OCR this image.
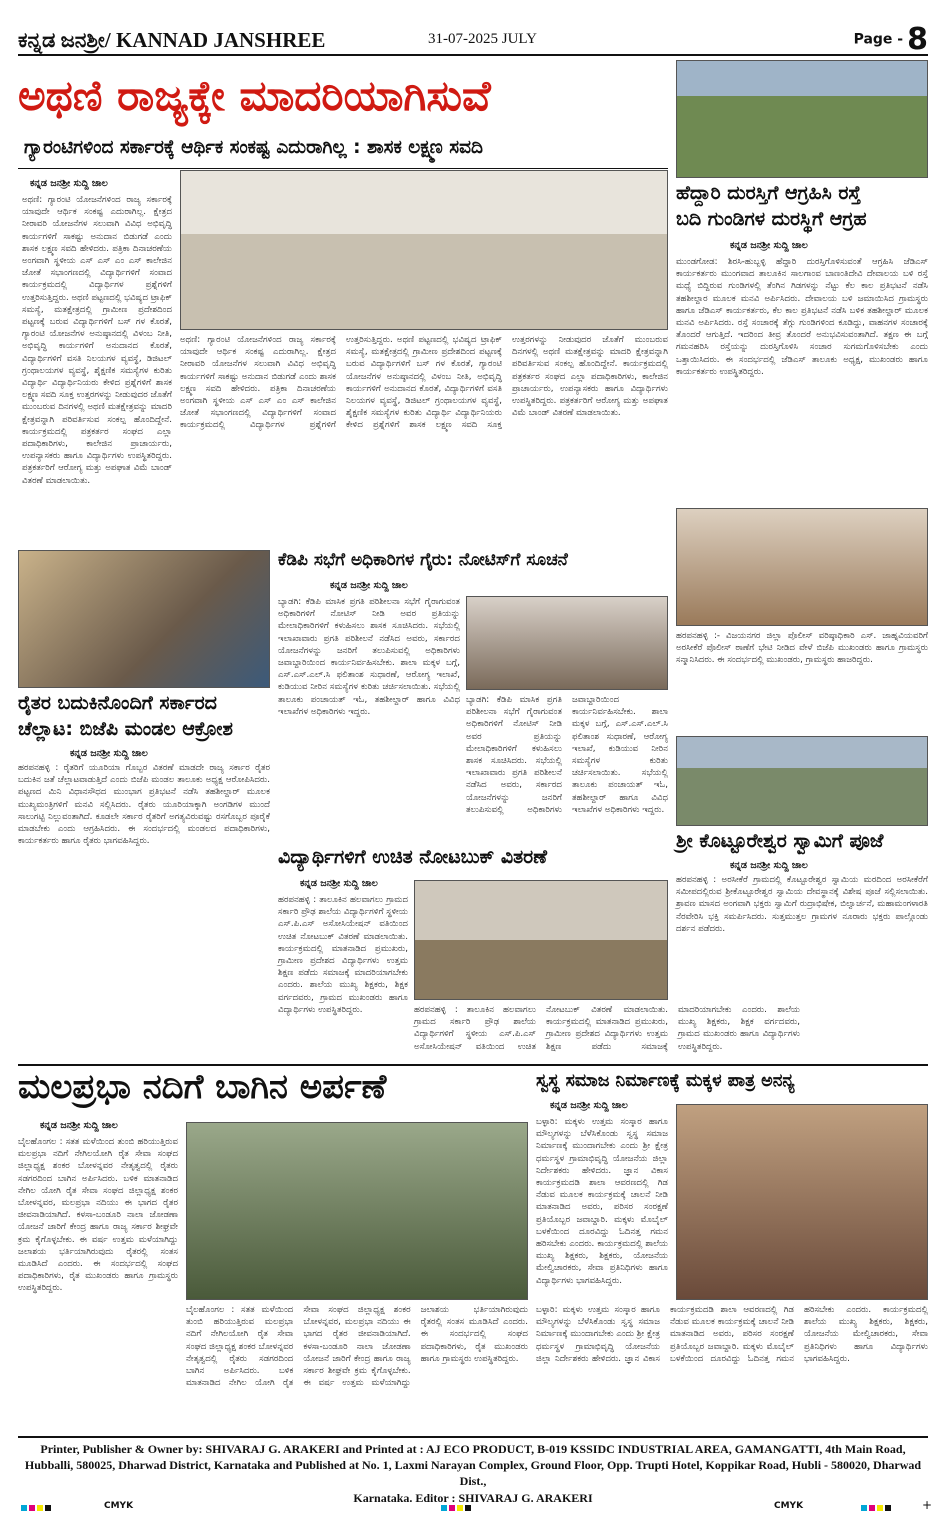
ಕನ್ನಡ ಜನಶ್ರೀ/ KANNAD JANSHREE	31-07-2025 JULY	Page - 8
ಅಥಣಿ ರಾಜ್ಯಕ್ಕೇ ಮಾದರಿಯಾಗಿಸುವೆ
ಗ್ಯಾರಂಟಿಗಳಿಂದ ಸರ್ಕಾರಕ್ಕೆ ಆರ್ಥಿಕ ಸಂಕಷ್ಟ ಎದುರಾಗಿಲ್ಲ : ಶಾಸಕ ಲಕ್ಷ್ಮಣ ಸವದಿ
ಕನ್ನಡ ಜನಶ್ರೀ ಸುದ್ದಿ ಜಾಲ
ಅಥಣಿ: ಗ್ಯಾರಂಟಿ ಯೋಜನೆಗಳಿಂದ ರಾಜ್ಯ ಸರ್ಕಾರಕ್ಕೆ ಯಾವುದೇ ಆರ್ಥಿಕ ಸಂಕಷ್ಟ ಎದುರಾಗಿಲ್ಲ. ಕ್ಷೇತ್ರದ ನೀರಾವರಿ ಯೋಜನೆಗಳ ಸಲುವಾಗಿ ವಿವಿಧ ಅಭಿವೃದ್ಧಿ ಕಾರ್ಯಗಳಿಗೆ ಸಾಕಷ್ಟು ಅನುದಾನ ಬಿಡುಗಡೆ ಎಂದು ಶಾಸಕ ಲಕ್ಷ್ಮಣ ಸವದಿ ಹೇಳಿದರು. ಪತ್ರಿಕಾ ದಿನಾಚರಣೆಯ ಅಂಗವಾಗಿ ಸ್ಥಳೀಯ ಎಸ್ ಎಸ್ ಎಂ ಎಸ್ ಕಾಲೇಜಿನ ಜೋತೆ ಸಭಾಂಗಣದಲ್ಲಿ ವಿದ್ಯಾರ್ಥಿಗಳಿಗೆ ಸಂವಾದ ಕಾರ್ಯಕ್ರಮದಲ್ಲಿ ವಿದ್ಯಾರ್ಥಿಗಳ ಪ್ರಶ್ನೆಗಳಿಗೆ ಉತ್ತರಿಸುತ್ತಿದ್ದರು. ಅಥಣಿ ಪಟ್ಟಣದಲ್ಲಿ ಭವಿಷ್ಯದ ಟ್ರಾಫಿಕ್ ಸಮಸ್ಯೆ, ಮತಕ್ಷೇತ್ರದಲ್ಲಿ ಗ್ರಾಮೀಣ ಪ್ರದೇಶದಿಂದ ಪಟ್ಟಣಕ್ಕೆ ಬರುವ ವಿದ್ಯಾರ್ಥಿಗಳಿಗೆ ಬಸ್ ಗಳ ಕೊರತೆ, ಗ್ಯಾರಂಟಿ ಯೋಜನೆಗಳ ಅನುಷ್ಠಾನದಲ್ಲಿ ವಿಳಂಬ ನೀತಿ, ಅಭಿವೃದ್ಧಿ ಕಾರ್ಯಗಳಿಗೆ ಅನುದಾನದ ಕೊರತೆ, ವಿದ್ಯಾರ್ಥಿಗಳಿಗೆ ವಸತಿ ನಿಲಯಗಳ ವ್ಯವಸ್ಥೆ, ಡಿಜಿಟಲ್ ಗ್ರಂಥಾಲಯಗಳ ವ್ಯವಸ್ಥೆ, ಶೈಕ್ಷಣಿಕ ಸಮಸ್ಯೆಗಳ ಕುರಿತು ವಿದ್ಯಾರ್ಥಿ ವಿದ್ಯಾರ್ಥಿನಿಯರು ಕೇಳಿದ ಪ್ರಶ್ನೆಗಳಿಗೆ ಶಾಸಕ ಲಕ್ಷ್ಮಣ ಸವದಿ ಸೂಕ್ತ ಉತ್ತರಗಳನ್ನು ನೀಡುವುದರ ಜೊತೆಗೆ ಮುಂಬರುವ ದಿನಗಳಲ್ಲಿ ಅಥಣಿ ಮತಕ್ಷೇತ್ರವನ್ನು ಮಾದರಿ ಕ್ಷೇತ್ರವನ್ನಾಗಿ ಪರಿವರ್ತಿಸುವ ಸಂಕಲ್ಪ ಹೊಂದಿದ್ದೇನೆ. ಕಾರ್ಯಕ್ರಮದಲ್ಲಿ ಪತ್ರಕರ್ತರ ಸಂಘದ ಎಲ್ಲಾ ಪದಾಧಿಕಾರಿಗಳು, ಕಾಲೇಜಿನ ಪ್ರಾಚಾರ್ಯರು, ಉಪನ್ಯಾಸಕರು ಹಾಗೂ ವಿದ್ಯಾರ್ಥಿಗಳು ಉಪಸ್ಥಿತರಿದ್ದರು. ಪತ್ರಕರ್ತರಿಗೆ ಆರೋಗ್ಯ ಮತ್ತು ಅಪಘಾತ ವಿಮೆ ಬಾಂಡ್ ವಿತರಣೆ ಮಾಡಲಾಯಿತು.
ಅಥಣಿ: ಗ್ಯಾರಂಟಿ ಯೋಜನೆಗಳಿಂದ ರಾಜ್ಯ ಸರ್ಕಾರಕ್ಕೆ ಯಾವುದೇ ಆರ್ಥಿಕ ಸಂಕಷ್ಟ ಎದುರಾಗಿಲ್ಲ. ಕ್ಷೇತ್ರದ ನೀರಾವರಿ ಯೋಜನೆಗಳ ಸಲುವಾಗಿ ವಿವಿಧ ಅಭಿವೃದ್ಧಿ ಕಾರ್ಯಗಳಿಗೆ ಸಾಕಷ್ಟು ಅನುದಾನ ಬಿಡುಗಡೆ ಎಂದು ಶಾಸಕ ಲಕ್ಷ್ಮಣ ಸವದಿ ಹೇಳಿದರು. ಪತ್ರಿಕಾ ದಿನಾಚರಣೆಯ ಅಂಗವಾಗಿ ಸ್ಥಳೀಯ ಎಸ್ ಎಸ್ ಎಂ ಎಸ್ ಕಾಲೇಜಿನ ಜೋತೆ ಸಭಾಂಗಣದಲ್ಲಿ ವಿದ್ಯಾರ್ಥಿಗಳಿಗೆ ಸಂವಾದ ಕಾರ್ಯಕ್ರಮದಲ್ಲಿ ವಿದ್ಯಾರ್ಥಿಗಳ ಪ್ರಶ್ನೆಗಳಿಗೆ ಉತ್ತರಿಸುತ್ತಿದ್ದರು. ಅಥಣಿ ಪಟ್ಟಣದಲ್ಲಿ ಭವಿಷ್ಯದ ಟ್ರಾಫಿಕ್ ಸಮಸ್ಯೆ, ಮತಕ್ಷೇತ್ರದಲ್ಲಿ ಗ್ರಾಮೀಣ ಪ್ರದೇಶದಿಂದ ಪಟ್ಟಣಕ್ಕೆ ಬರುವ ವಿದ್ಯಾರ್ಥಿಗಳಿಗೆ ಬಸ್ ಗಳ ಕೊರತೆ, ಗ್ಯಾರಂಟಿ ಯೋಜನೆಗಳ ಅನುಷ್ಠಾನದಲ್ಲಿ ವಿಳಂಬ ನೀತಿ, ಅಭಿವೃದ್ಧಿ ಕಾರ್ಯಗಳಿಗೆ ಅನುದಾನದ ಕೊರತೆ, ವಿದ್ಯಾರ್ಥಿಗಳಿಗೆ ವಸತಿ ನಿಲಯಗಳ ವ್ಯವಸ್ಥೆ, ಡಿಜಿಟಲ್ ಗ್ರಂಥಾಲಯಗಳ ವ್ಯವಸ್ಥೆ, ಶೈಕ್ಷಣಿಕ ಸಮಸ್ಯೆಗಳ ಕುರಿತು ವಿದ್ಯಾರ್ಥಿ ವಿದ್ಯಾರ್ಥಿನಿಯರು ಕೇಳಿದ ಪ್ರಶ್ನೆಗಳಿಗೆ ಶಾಸಕ ಲಕ್ಷ್ಮಣ ಸವದಿ ಸೂಕ್ತ ಉತ್ತರಗಳನ್ನು ನೀಡುವುದರ ಜೊತೆಗೆ ಮುಂಬರುವ ದಿನಗಳಲ್ಲಿ ಅಥಣಿ ಮತಕ್ಷೇತ್ರವನ್ನು ಮಾದರಿ ಕ್ಷೇತ್ರವನ್ನಾಗಿ ಪರಿವರ್ತಿಸುವ ಸಂಕಲ್ಪ ಹೊಂದಿದ್ದೇನೆ. ಕಾರ್ಯಕ್ರಮದಲ್ಲಿ ಪತ್ರಕರ್ತರ ಸಂಘದ ಎಲ್ಲಾ ಪದಾಧಿಕಾರಿಗಳು, ಕಾಲೇಜಿನ ಪ್ರಾಚಾರ್ಯರು, ಉಪನ್ಯಾಸಕರು ಹಾಗೂ ವಿದ್ಯಾರ್ಥಿಗಳು ಉಪಸ್ಥಿತರಿದ್ದರು. ಪತ್ರಕರ್ತರಿಗೆ ಆರೋಗ್ಯ ಮತ್ತು ಅಪಘಾತ ವಿಮೆ ಬಾಂಡ್ ವಿತರಣೆ ಮಾಡಲಾಯಿತು.
ಹೆದ್ದಾರಿ ದುರಸ್ತಿಗೆ ಆಗ್ರಹಿಸಿ ರಸ್ತೆ
ಬದಿ ಗುಂಡಿಗಳ ದುರಸ್ಥಿಗೆ ಆಗ್ರಹ
ಕನ್ನಡ ಜನಶ್ರೀ ಸುದ್ದಿ ಜಾಲ
ಮುಂಡಗೋಡ: ಶಿರಸಿ-ಹುಬ್ಬಳ್ಳಿ ಹೆದ್ದಾರಿ ದುರಸ್ತಿಗೊಳಿಸುವಂತೆ ಆಗ್ರಹಿಸಿ ಜೆಡಿಎಸ್ ಕಾರ್ಯಕರ್ತರು ಮುಂಗವಾದ ತಾಲೂಕಿನ ಸಾಲಗಾಂವ ಬಾಣಂತಿದೇವಿ ದೇವಾಲಯ ಬಳಿ ರಸ್ತೆ ಮಧ್ಯೆ ಬಿದ್ದಿರುವ ಗುಂಡಿಗಳಲ್ಲಿ ತೆಂಗಿನ ಗಿಡಗಳನ್ನು ನೆಟ್ಟು ಕೆಲ ಕಾಲ ಪ್ರತಿಭಟನೆ ನಡೆಸಿ ತಹಶೀಲ್ದಾರ ಮೂಲಕ ಮನವಿ ಅರ್ಪಿಸಿದರು. ದೇವಾಲಯ ಬಳಿ ಜಮಾಯಿಸಿದ ಗ್ರಾಮಸ್ಥರು ಹಾಗೂ ಜೆಡಿಎಸ್ ಕಾರ್ಯಕರ್ತರು, ಕೆಲ ಕಾಲ ಪ್ರತಿಭಟನೆ ನಡೆಸಿ ಬಳಿಕ ತಹಶೀಲ್ದಾರ್ ಮೂಲಕ ಮನವಿ ಅರ್ಪಿಸಿದರು. ರಸ್ತೆ ಸಂಚಾರಕ್ಕೆ ತೆಗ್ಗು ಗುಂಡಿಗಳಿಂದ ಕೂಡಿದ್ದು, ವಾಹನಗಳ ಸಂಚಾರಕ್ಕೆ ತೊಂದರೆ ಆಗುತ್ತಿದೆ. ಇದರಿಂದ ತೀವ್ರ ತೊಂದರೆ ಅನುಭವಿಸುವಂತಾಗಿದೆ. ತಕ್ಷಣ ಈ ಬಗ್ಗೆ ಗಮನಹರಿಸಿ ರಸ್ತೆಯನ್ನು ದುರಸ್ತಿಗೊಳಿಸಿ ಸಂಚಾರ ಸುಗಮಗೊಳಿಸಬೇಕು ಎಂದು ಒತ್ತಾಯಿಸಿದರು. ಈ ಸಂದರ್ಭದಲ್ಲಿ ಜೆಡಿಎಸ್ ತಾಲೂಕು ಅಧ್ಯಕ್ಷ, ಮುಖಂಡರು ಹಾಗೂ ಕಾರ್ಯಕರ್ತರು ಉಪಸ್ಥಿತರಿದ್ದರು.
ರೈತರ ಬದುಕಿನೊಂದಿಗೆ ಸರ್ಕಾರದ
ಚೆಲ್ಲಾಟ: ಬಿಜೆಪಿ ಮಂಡಲ ಆಕ್ರೋಶ
ಕನ್ನಡ ಜನಶ್ರೀ ಸುದ್ದಿ ಜಾಲ
ಹರಪನಹಳ್ಳಿ : ರೈತರಿಗೆ ಯೂರಿಯಾ ಗೊಬ್ಬರ ವಿತರಣೆ ಮಾಡದೇ ರಾಜ್ಯ ಸರ್ಕಾರ ರೈತರ ಬದುಕಿನ ಜತೆ ಚೆಲ್ಲಾಟವಾಡುತ್ತಿದೆ ಎಂದು ಬಿಜೆಪಿ ಮಂಡಲ ತಾಲೂಕು ಅಧ್ಯಕ್ಷ ಆರೋಪಿಸಿದರು. ಪಟ್ಟಣದ ಮಿನಿ ವಿಧಾನಸೌಧದ ಮುಂಭಾಗ ಪ್ರತಿಭಟನೆ ನಡೆಸಿ ತಹಶೀಲ್ದಾರ್ ಮೂಲಕ ಮುಖ್ಯಮಂತ್ರಿಗಳಿಗೆ ಮನವಿ ಸಲ್ಲಿಸಿದರು. ರೈತರು ಯೂರಿಯಾಕ್ಕಾಗಿ ಅಂಗಡಿಗಳ ಮುಂದೆ ಸಾಲುಗಟ್ಟಿ ನಿಲ್ಲುವಂತಾಗಿದೆ. ಕೂಡಲೇ ಸರ್ಕಾರ ರೈತರಿಗೆ ಅಗತ್ಯವಿರುವಷ್ಟು ರಸಗೊಬ್ಬರ ಪೂರೈಕೆ ಮಾಡಬೇಕು ಎಂದು ಆಗ್ರಹಿಸಿದರು. ಈ ಸಂದರ್ಭದಲ್ಲಿ ಮಂಡಲದ ಪದಾಧಿಕಾರಿಗಳು, ಕಾರ್ಯಕರ್ತರು ಹಾಗೂ ರೈತರು ಭಾಗವಹಿಸಿದ್ದರು.
ಕೆಡಿಪಿ ಸಭೆಗೆ ಅಧಿಕಾರಿಗಳ ಗೈರು: ನೋಟಿಸ್‌ಗೆ ಸೂಚನೆ
ಕನ್ನಡ ಜನಶ್ರೀ ಸುದ್ದಿ ಜಾಲ
ಬ್ಯಾಡಗಿ: ಕೆಡಿಪಿ ಮಾಸಿಕ ಪ್ರಗತಿ ಪರಿಶೀಲನಾ ಸಭೆಗೆ ಗೈರಾಗುವಂತ ಅಧಿಕಾರಿಗಳಿಗೆ ನೋಟಿಸ್ ನೀಡಿ ಅವರ ಪ್ರತಿಯನ್ನು ಮೇಲಾಧಿಕಾರಿಗಳಿಗೆ ಕಳುಹಿಸಲು ಶಾಸಕ ಸೂಚಿಸಿದರು. ಸಭೆಯಲ್ಲಿ ಇಲಾಖಾವಾರು ಪ್ರಗತಿ ಪರಿಶೀಲನೆ ನಡೆಸಿದ ಅವರು, ಸರ್ಕಾರದ ಯೋಜನೆಗಳನ್ನು ಜನರಿಗೆ ತಲುಪಿಸುವಲ್ಲಿ ಅಧಿಕಾರಿಗಳು ಜವಾಬ್ದಾರಿಯಿಂದ ಕಾರ್ಯನಿರ್ವಹಿಸಬೇಕು. ಶಾಲಾ ಮಕ್ಕಳ ಬಗ್ಗೆ, ಎಸ್.ಎಸ್.ಎಲ್.ಸಿ ಫಲಿತಾಂಶ ಸುಧಾರಣೆ, ಆರೋಗ್ಯ ಇಲಾಖೆ, ಕುಡಿಯುವ ನೀರಿನ ಸಮಸ್ಯೆಗಳ ಕುರಿತು ಚರ್ಚಿಸಲಾಯಿತು. ಸಭೆಯಲ್ಲಿ ತಾಲೂಕು ಪಂಚಾಯತ್ ಇಓ, ತಹಶೀಲ್ದಾರ್ ಹಾಗೂ ವಿವಿಧ ಇಲಾಖೆಗಳ ಅಧಿಕಾರಿಗಳು ಇದ್ದರು.
ಬ್ಯಾಡಗಿ: ಕೆಡಿಪಿ ಮಾಸಿಕ ಪ್ರಗತಿ ಪರಿಶೀಲನಾ ಸಭೆಗೆ ಗೈರಾಗುವಂತ ಅಧಿಕಾರಿಗಳಿಗೆ ನೋಟಿಸ್ ನೀಡಿ ಅವರ ಪ್ರತಿಯನ್ನು ಮೇಲಾಧಿಕಾರಿಗಳಿಗೆ ಕಳುಹಿಸಲು ಶಾಸಕ ಸೂಚಿಸಿದರು. ಸಭೆಯಲ್ಲಿ ಇಲಾಖಾವಾರು ಪ್ರಗತಿ ಪರಿಶೀಲನೆ ನಡೆಸಿದ ಅವರು, ಸರ್ಕಾರದ ಯೋಜನೆಗಳನ್ನು ಜನರಿಗೆ ತಲುಪಿಸುವಲ್ಲಿ ಅಧಿಕಾರಿಗಳು ಜವಾಬ್ದಾರಿಯಿಂದ ಕಾರ್ಯನಿರ್ವಹಿಸಬೇಕು. ಶಾಲಾ ಮಕ್ಕಳ ಬಗ್ಗೆ, ಎಸ್.ಎಸ್.ಎಲ್.ಸಿ ಫಲಿತಾಂಶ ಸುಧಾರಣೆ, ಆರೋಗ್ಯ ಇಲಾಖೆ, ಕುಡಿಯುವ ನೀರಿನ ಸಮಸ್ಯೆಗಳ ಕುರಿತು ಚರ್ಚಿಸಲಾಯಿತು. ಸಭೆಯಲ್ಲಿ ತಾಲೂಕು ಪಂಚಾಯತ್ ಇಓ, ತಹಶೀಲ್ದಾರ್ ಹಾಗೂ ವಿವಿಧ ಇಲಾಖೆಗಳ ಅಧಿಕಾರಿಗಳು ಇದ್ದರು.
ಹರಪನಹಳ್ಳಿ :- ವಿಜಯನಗರ ಜಿಲ್ಲಾ ಪೊಲೀಸ್ ವರಿಷ್ಠಾಧಿಕಾರಿ ಎಸ್. ಜಾಹ್ನವಿಯವರಿಗೆ ಅರಸೀಕೆರೆ ಪೊಲೀಸ್ ಠಾಣೆಗೆ ಭೇಟಿ ನೀಡಿದ ವೇಳೆ ಬಿಜೆಪಿ ಮುಖಂಡರು ಹಾಗೂ ಗ್ರಾಮಸ್ಥರು ಸನ್ಮಾನಿಸಿದರು. ಈ ಸಂದರ್ಭದಲ್ಲಿ ಮುಖಂಡರು, ಗ್ರಾಮಸ್ಥರು ಹಾಜರಿದ್ದರು.
ಶ್ರೀ ಕೊಟ್ಟೂರೇಶ್ವರ ಸ್ವಾಮಿಗೆ ಪೂಜೆ
ಕನ್ನಡ ಜನಶ್ರೀ ಸುದ್ದಿ ಜಾಲ
ಹರಪನಹಳ್ಳಿ : ಅರಸೀಕೆರೆ ಗ್ರಾಮದಲ್ಲಿ ಕೊಟ್ಟೂರೇಶ್ವರ ಸ್ವಾಮಿಯ ಮರದಿಂದ ಅರಸೀಕೆರೆಗೆ ಸಮೀಪದಲ್ಲಿರುವ ಶ್ರೀಕೊಟ್ಟೂರೇಶ್ವರ ಸ್ವಾಮಿಯ ದೇವಸ್ಥಾನಕ್ಕೆ ವಿಶೇಷ ಪೂಜೆ ಸಲ್ಲಿಸಲಾಯಿತು. ಶ್ರಾವಣ ಮಾಸದ ಅಂಗವಾಗಿ ಭಕ್ತರು ಸ್ವಾಮಿಗೆ ರುದ್ರಾಭಿಷೇಕ, ಬಿಲ್ವಾರ್ಚನೆ, ಮಹಾಮಂಗಳಾರತಿ ನೆರವೇರಿಸಿ ಭಕ್ತಿ ಸಮರ್ಪಿಸಿದರು. ಸುತ್ತಮುತ್ತಲ ಗ್ರಾಮಗಳ ನೂರಾರು ಭಕ್ತರು ಪಾಲ್ಗೊಂಡು ದರ್ಶನ ಪಡೆದರು.
ವಿದ್ಯಾರ್ಥಿಗಳಿಗೆ ಉಚಿತ ನೋಟಬುಕ್ ವಿತರಣೆ
ಕನ್ನಡ ಜನಶ್ರೀ ಸುದ್ದಿ ಜಾಲ
ಹರಪನಹಳ್ಳಿ : ತಾಲೂಕಿನ ಹಲವಾಗಲು ಗ್ರಾಮದ ಸರ್ಕಾರಿ ಪ್ರೌಢ ಶಾಲೆಯ ವಿದ್ಯಾರ್ಥಿಗಳಿಗೆ ಸ್ಥಳೀಯ ಎಸ್.ಪಿ.ಎಸ್ ಅಸೋಸಿಯೇಷನ್ ವತಿಯಿಂದ ಉಚಿತ ನೋಟಬುಕ್ ವಿತರಣೆ ಮಾಡಲಾಯಿತು. ಕಾರ್ಯಕ್ರಮದಲ್ಲಿ ಮಾತನಾಡಿದ ಪ್ರಮುಖರು, ಗ್ರಾಮೀಣ ಪ್ರದೇಶದ ವಿದ್ಯಾರ್ಥಿಗಳು ಉತ್ತಮ ಶಿಕ್ಷಣ ಪಡೆದು ಸಮಾಜಕ್ಕೆ ಮಾದರಿಯಾಗಬೇಕು ಎಂದರು. ಶಾಲೆಯ ಮುಖ್ಯ ಶಿಕ್ಷಕರು, ಶಿಕ್ಷಕ ವರ್ಗದವರು, ಗ್ರಾಮದ ಮುಖಂಡರು ಹಾಗೂ ವಿದ್ಯಾರ್ಥಿಗಳು ಉಪಸ್ಥಿತರಿದ್ದರು.	ಹರಪನಹಳ್ಳಿ : ತಾಲೂಕಿನ ಹಲವಾಗಲು ಗ್ರಾಮದ ಸರ್ಕಾರಿ ಪ್ರೌಢ ಶಾಲೆಯ ವಿದ್ಯಾರ್ಥಿಗಳಿಗೆ ಸ್ಥಳೀಯ ಎಸ್.ಪಿ.ಎಸ್ ಅಸೋಸಿಯೇಷನ್ ವತಿಯಿಂದ ಉಚಿತ ನೋಟಬುಕ್ ವಿತರಣೆ ಮಾಡಲಾಯಿತು. ಕಾರ್ಯಕ್ರಮದಲ್ಲಿ ಮಾತನಾಡಿದ ಪ್ರಮುಖರು, ಗ್ರಾಮೀಣ ಪ್ರದೇಶದ ವಿದ್ಯಾರ್ಥಿಗಳು ಉತ್ತಮ ಶಿಕ್ಷಣ ಪಡೆದು ಸಮಾಜಕ್ಕೆ ಮಾದರಿಯಾಗಬೇಕು ಎಂದರು. ಶಾಲೆಯ ಮುಖ್ಯ ಶಿಕ್ಷಕರು, ಶಿಕ್ಷಕ ವರ್ಗದವರು, ಗ್ರಾಮದ ಮುಖಂಡರು ಹಾಗೂ ವಿದ್ಯಾರ್ಥಿಗಳು ಉಪಸ್ಥಿತರಿದ್ದರು.
ಮಲಪ್ರಭಾ ನದಿಗೆ ಬಾಗಿನ ಅರ್ಪಣೆ
ಕನ್ನಡ ಜನಶ್ರೀ ಸುದ್ದಿ ಜಾಲ
ಬೈಲಹೊಂಗಲ : ಸತತ ಮಳೆಯಿಂದ ತುಂಬಿ ಹರಿಯುತ್ತಿರುವ ಮಲಪ್ರಭಾ ನದಿಗೆ ನೇಗಿಲಯೋಗಿ ರೈತ ಸೇವಾ ಸಂಘದ ಜಿಲ್ಲಾಧ್ಯಕ್ಷ ಶಂಕರ ಬೋಳನ್ನವರ ನೇತೃತ್ವದಲ್ಲಿ ರೈತರು ಸಡಗರದಿಂದ ಬಾಗಿನ ಅರ್ಪಿಸಿದರು. ಬಳಿಕ ಮಾತನಾಡಿದ ನೇಗಿಲ ಯೋಗಿ ರೈತ ಸೇವಾ ಸಂಘದ ಜಿಲ್ಲಾಧ್ಯಕ್ಷ ಶಂಕರ ಬೋಳನ್ನವರ, ಮಲಪ್ರಭಾ ನದಿಯು ಈ ಭಾಗದ ರೈತರ ಜೀವನಾಡಿಯಾಗಿದೆ. ಕಳಸಾ-ಬಂಡೂರಿ ನಾಲಾ ಜೋಡಣಾ ಯೋಜನೆ ಜಾರಿಗೆ ಕೇಂದ್ರ ಹಾಗೂ ರಾಜ್ಯ ಸರ್ಕಾರ ಶೀಘ್ರವೇ ಕ್ರಮ ಕೈಗೊಳ್ಳಬೇಕು. ಈ ವರ್ಷ ಉತ್ತಮ ಮಳೆಯಾಗಿದ್ದು ಜಲಾಶಯ ಭರ್ತಿಯಾಗಿರುವುದು ರೈತರಲ್ಲಿ ಸಂತಸ ಮೂಡಿಸಿದೆ ಎಂದರು. ಈ ಸಂದರ್ಭದಲ್ಲಿ ಸಂಘದ ಪದಾಧಿಕಾರಿಗಳು, ರೈತ ಮುಖಂಡರು ಹಾಗೂ ಗ್ರಾಮಸ್ಥರು ಉಪಸ್ಥಿತರಿದ್ದರು.
ಬೈಲಹೊಂಗಲ : ಸತತ ಮಳೆಯಿಂದ ತುಂಬಿ ಹರಿಯುತ್ತಿರುವ ಮಲಪ್ರಭಾ ನದಿಗೆ ನೇಗಿಲಯೋಗಿ ರೈತ ಸೇವಾ ಸಂಘದ ಜಿಲ್ಲಾಧ್ಯಕ್ಷ ಶಂಕರ ಬೋಳನ್ನವರ ನೇತೃತ್ವದಲ್ಲಿ ರೈತರು ಸಡಗರದಿಂದ ಬಾಗಿನ ಅರ್ಪಿಸಿದರು. ಬಳಿಕ ಮಾತನಾಡಿದ ನೇಗಿಲ ಯೋಗಿ ರೈತ ಸೇವಾ ಸಂಘದ ಜಿಲ್ಲಾಧ್ಯಕ್ಷ ಶಂಕರ ಬೋಳನ್ನವರ, ಮಲಪ್ರಭಾ ನದಿಯು ಈ ಭಾಗದ ರೈತರ ಜೀವನಾಡಿಯಾಗಿದೆ. ಕಳಸಾ-ಬಂಡೂರಿ ನಾಲಾ ಜೋಡಣಾ ಯೋಜನೆ ಜಾರಿಗೆ ಕೇಂದ್ರ ಹಾಗೂ ರಾಜ್ಯ ಸರ್ಕಾರ ಶೀಘ್ರವೇ ಕ್ರಮ ಕೈಗೊಳ್ಳಬೇಕು. ಈ ವರ್ಷ ಉತ್ತಮ ಮಳೆಯಾಗಿದ್ದು ಜಲಾಶಯ ಭರ್ತಿಯಾಗಿರುವುದು ರೈತರಲ್ಲಿ ಸಂತಸ ಮೂಡಿಸಿದೆ ಎಂದರು. ಈ ಸಂದರ್ಭದಲ್ಲಿ ಸಂಘದ ಪದಾಧಿಕಾರಿಗಳು, ರೈತ ಮುಖಂಡರು ಹಾಗೂ ಗ್ರಾಮಸ್ಥರು ಉಪಸ್ಥಿತರಿದ್ದರು.
ಸ್ವಸ್ಥ ಸಮಾಜ ನಿರ್ಮಾಣಕ್ಕೆ ಮಕ್ಕಳ ಪಾತ್ರ ಅನನ್ಯ
ಕನ್ನಡ ಜನಶ್ರೀ ಸುದ್ದಿ ಜಾಲ
ಬಳ್ಳಾರಿ: ಮಕ್ಕಳು ಉತ್ತಮ ಸಂಸ್ಕಾರ ಹಾಗೂ ಮೌಲ್ಯಗಳನ್ನು ಬೆಳೆಸಿಕೊಂಡು ಸ್ವಸ್ಥ ಸಮಾಜ ನಿರ್ಮಾಣಕ್ಕೆ ಮುಂದಾಗಬೇಕು ಎಂದು ಶ್ರೀ ಕ್ಷೇತ್ರ ಧರ್ಮಸ್ಥಳ ಗ್ರಾಮಾಭಿವೃದ್ಧಿ ಯೋಜನೆಯ ಜಿಲ್ಲಾ ನಿರ್ದೇಶಕರು ಹೇಳಿದರು. ಜ್ಞಾನ ವಿಕಾಸ ಕಾರ್ಯಕ್ರಮದಡಿ ಶಾಲಾ ಆವರಣದಲ್ಲಿ ಗಿಡ ನೆಡುವ ಮೂಲಕ ಕಾರ್ಯಕ್ರಮಕ್ಕೆ ಚಾಲನೆ ನೀಡಿ ಮಾತನಾಡಿದ ಅವರು, ಪರಿಸರ ಸಂರಕ್ಷಣೆ ಪ್ರತಿಯೊಬ್ಬರ ಜವಾಬ್ದಾರಿ. ಮಕ್ಕಳು ಮೊಬೈಲ್ ಬಳಕೆಯಿಂದ ದೂರವಿದ್ದು ಓದಿನತ್ತ ಗಮನ ಹರಿಸಬೇಕು ಎಂದರು. ಕಾರ್ಯಕ್ರಮದಲ್ಲಿ ಶಾಲೆಯ ಮುಖ್ಯ ಶಿಕ್ಷಕರು, ಶಿಕ್ಷಕರು, ಯೋಜನೆಯ ಮೇಲ್ವಿಚಾರಕರು, ಸೇವಾ ಪ್ರತಿನಿಧಿಗಳು ಹಾಗೂ ವಿದ್ಯಾರ್ಥಿಗಳು ಭಾಗವಹಿಸಿದ್ದರು.
ಬಳ್ಳಾರಿ: ಮಕ್ಕಳು ಉತ್ತಮ ಸಂಸ್ಕಾರ ಹಾಗೂ ಮೌಲ್ಯಗಳನ್ನು ಬೆಳೆಸಿಕೊಂಡು ಸ್ವಸ್ಥ ಸಮಾಜ ನಿರ್ಮಾಣಕ್ಕೆ ಮುಂದಾಗಬೇಕು ಎಂದು ಶ್ರೀ ಕ್ಷೇತ್ರ ಧರ್ಮಸ್ಥಳ ಗ್ರಾಮಾಭಿವೃದ್ಧಿ ಯೋಜನೆಯ ಜಿಲ್ಲಾ ನಿರ್ದೇಶಕರು ಹೇಳಿದರು. ಜ್ಞಾನ ವಿಕಾಸ ಕಾರ್ಯಕ್ರಮದಡಿ ಶಾಲಾ ಆವರಣದಲ್ಲಿ ಗಿಡ ನೆಡುವ ಮೂಲಕ ಕಾರ್ಯಕ್ರಮಕ್ಕೆ ಚಾಲನೆ ನೀಡಿ ಮಾತನಾಡಿದ ಅವರು, ಪರಿಸರ ಸಂರಕ್ಷಣೆ ಪ್ರತಿಯೊಬ್ಬರ ಜವಾಬ್ದಾರಿ. ಮಕ್ಕಳು ಮೊಬೈಲ್ ಬಳಕೆಯಿಂದ ದೂರವಿದ್ದು ಓದಿನತ್ತ ಗಮನ ಹರಿಸಬೇಕು ಎಂದರು. ಕಾರ್ಯಕ್ರಮದಲ್ಲಿ ಶಾಲೆಯ ಮುಖ್ಯ ಶಿಕ್ಷಕರು, ಶಿಕ್ಷಕರು, ಯೋಜನೆಯ ಮೇಲ್ವಿಚಾರಕರು, ಸೇವಾ ಪ್ರತಿನಿಧಿಗಳು ಹಾಗೂ ವಿದ್ಯಾರ್ಥಿಗಳು ಭಾಗವಹಿಸಿದ್ದರು.
Printer, Publisher & Owner by: SHIVARAJ G. ARAKERI and Printed at : AJ ECO PRODUCT, B-019 KSSIDC INDUSTRIAL AREA, GAMANGATTI, 4th Main Road,
Hubballi, 580025, Dharwad District, Karnataka and Published at No. 1, Laxmi Narayan Complex, Ground Floor, Opp. Trupti Hotel, Koppikar Road, Hubli - 580020, Dharwad Dist.,
Karnataka. Editor : SHIVARAJ G. ARAKERI
CMYK	CMYK	+
